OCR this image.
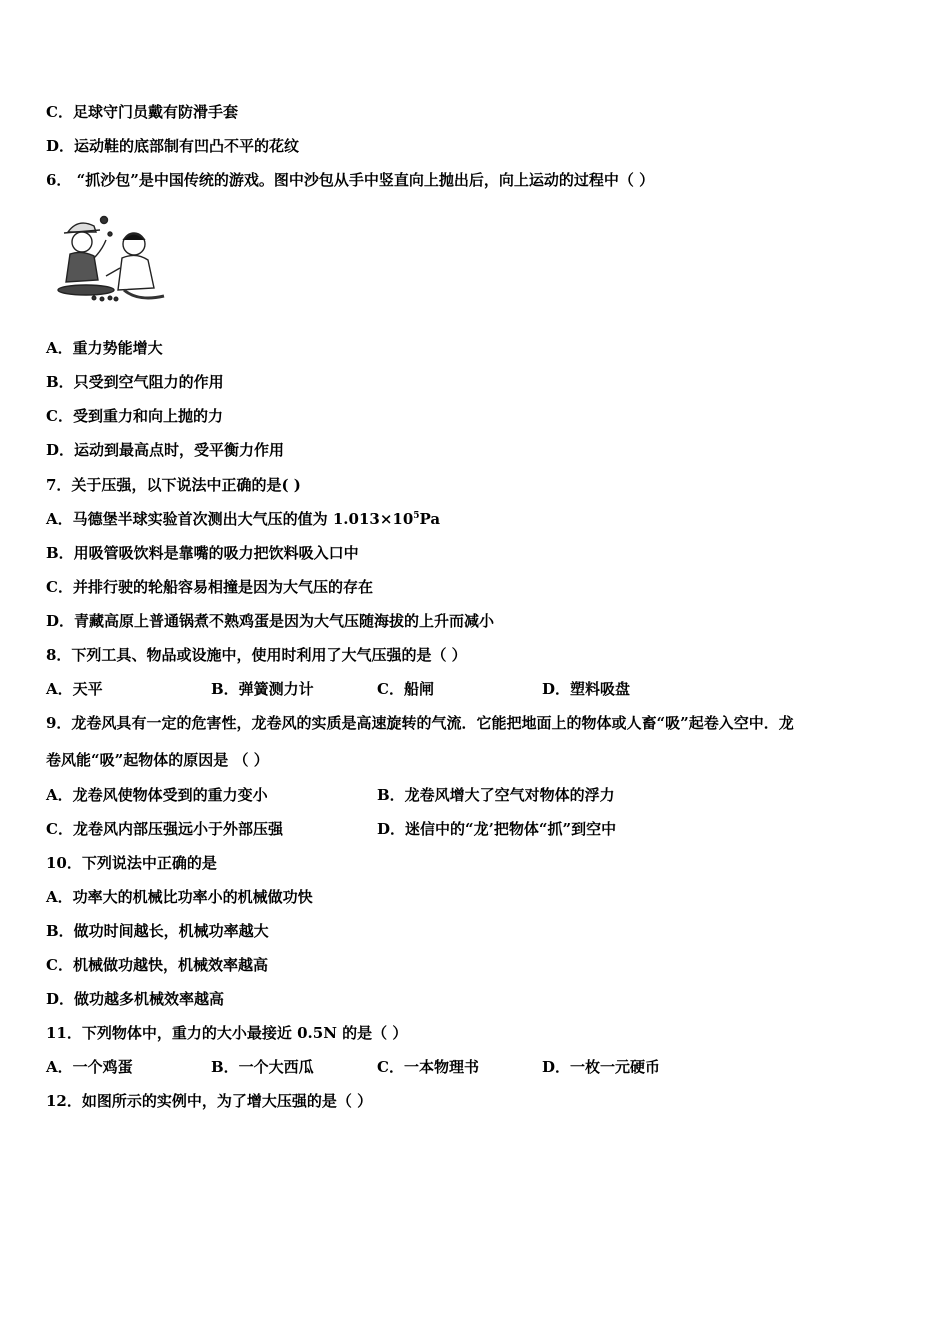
C．足球守门员戴有防滑手套
D．运动鞋的底部制有凹凸不平的花纹
6． “抓沙包”是中国传统的游戏。图中沙包从手中竖直向上抛出后，向上运动的过程中（ ）
A．重力势能增大
B．只受到空气阻力的作用
C．受到重力和向上抛的力
D．运动到最高点时，受平衡力作用
7．关于压强，以下说法中正确的是( )
A．马德堡半球实验首次测出大气压的值为 $1.013\times 10^5Pa$
B．用吸管吸饮料是靠嘴的吸力把饮料吸入口中
C．并排行驶的轮船容易相撞是因为大气压的存在
D．青藏高原上普通锅煮不熟鸡蛋是因为大气压随海拔的上升而减小
8．下列工具、物品或设施中，使用时利用了大气压强的是（ ）
A．天平	B．弹簧测力计	C．船闸	D．塑料吸盘
9．龙卷风具有一定的危害性，龙卷风的实质是高速旋转的气流．它能把地面上的物体或人畜“吸”起卷入空中．龙
卷风能“吸”起物体的原因是 （ ）
A．龙卷风使物体受到的重力变小	B．龙卷风增大了空气对物体的浮力
C．龙卷风内部压强远小于外部压强	D．迷信中的“龙’把物体“抓”到空中
10．下列说法中正确的是
A．功率大的机械比功率小的机械做功快
B．做功时间越长，机械功率越大
C．机械做功越快，机械效率越高
D．做功越多机械效率越高
11．下列物体中，重力的大小最接近 0.5N 的是（ ）
A．一个鸡蛋	B．一个大西瓜	C．一本物理书	D．一枚一元硬币
12．如图所示的实例中，为了增大压强的是（ ）
